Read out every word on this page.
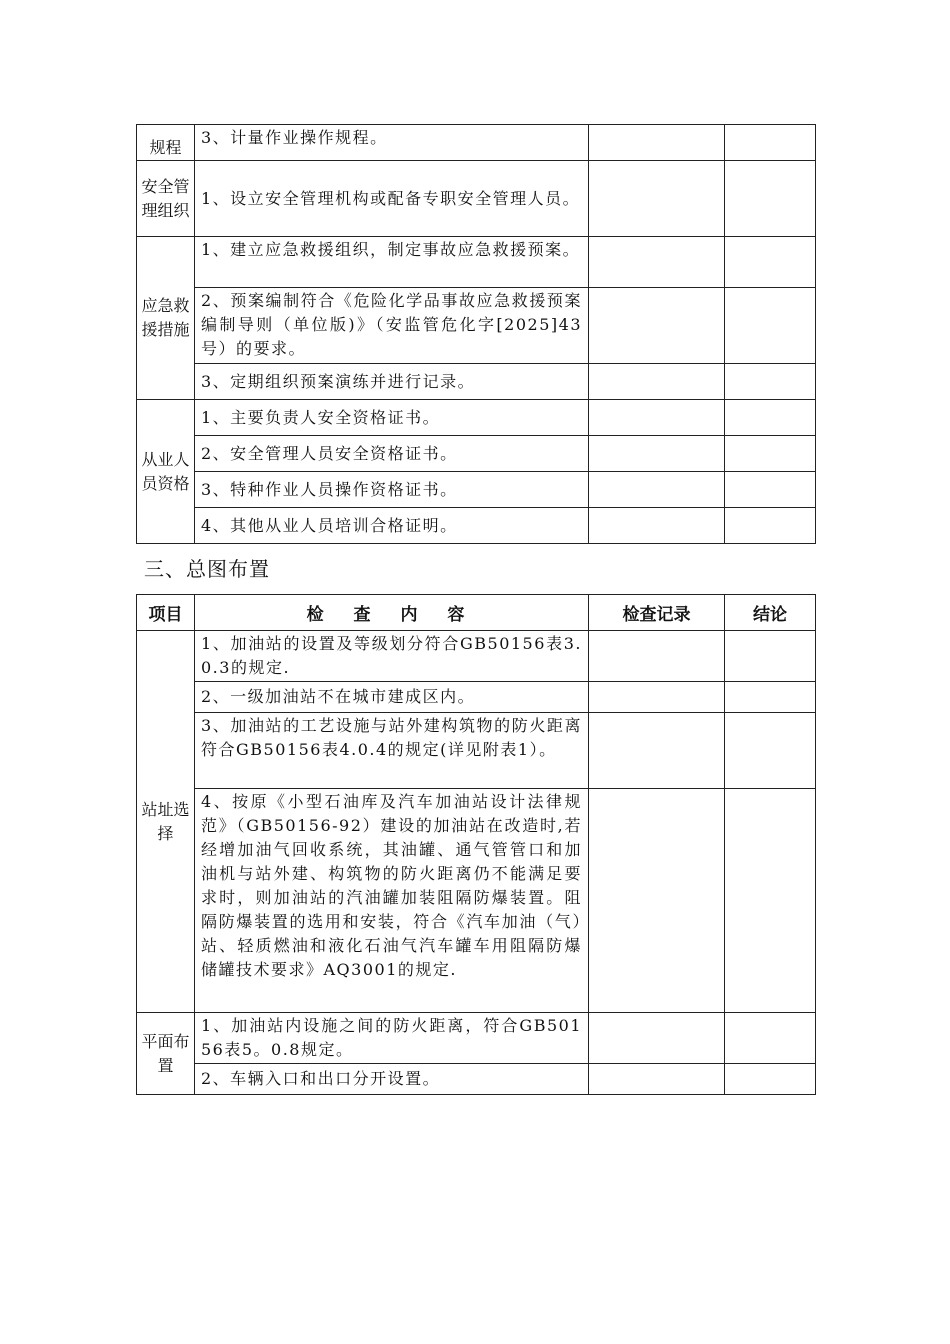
规程	3、计量作业操作规程。		
安全管理组织	1、设立安全管理机构或配备专职安全管理人员。		
应急救援措施	1、建立应急救援组织，制定事故应急救援预案。		
	2、预案编制符合《危险化学品事故应急救援预案编制导则（单位版)》（安监管危化字[2025]43号）的要求。		
	3、定期组织预案演练并进行记录。		
从业人员资格	1、主要负责人安全资格证书。		
	2、安全管理人员安全资格证书。		
	3、特种作业人员操作资格证书。		
	4、其他从业人员培训合格证明。		
三、总图布置
项目	检 查 内 容	检查记录	结论
站址选择	1、加油站的设置及等级划分符合GB50156表3.0.3的规定.		
	2、一级加油站不在城市建成区内。		
	3、加油站的工艺设施与站外建构筑物的防火距离符合GB50156表4.0.4的规定(详见附表1）。		
	4、按原《小型石油库及汽车加油站设计法律规范》（GB50156-92）建设的加油站在改造时,若经增加油气回收系统，其油罐、通气管管口和加油机与站外建、构筑物的防火距离仍不能满足要求时，则加油站的汽油罐加装阻隔防爆装置。阻隔防爆装置的选用和安装，符合《汽车加油（气）站、轻质燃油和液化石油气汽车罐车用阻隔防爆储罐技术要求》AQ3001的规定.		
平面布置	1、加油站内设施之间的防火距离，符合GB50156表5。0.8规定。		
	2、车辆入口和出口分开设置。		
